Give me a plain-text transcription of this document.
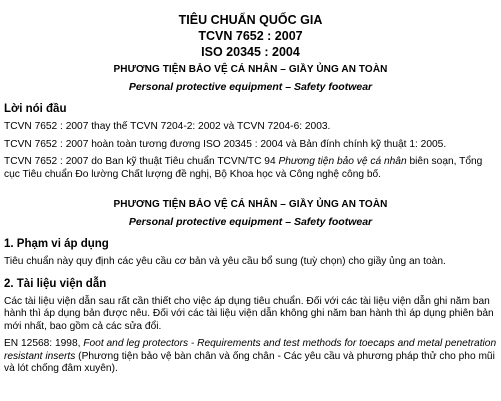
TIÊU CHUẨN QUỐC GIA
TCVN 7652 : 2007
ISO 20345 : 2004
PHƯƠNG TIỆN BẢO VỆ CÁ NHÂN – GIẦY ỦNG AN TOÀN
Personal protective equipment – Safety footwear
Lời nói đầu
TCVN 7652 : 2007 thay thế TCVN 7204-2: 2002 và TCVN 7204-6: 2003.
TCVN 7652 : 2007 hoàn toàn tương đương ISO 20345 : 2004 và Bản đính chính kỹ thuật 1: 2005.
TCVN 7652 : 2007 do Ban kỹ thuật Tiêu chuẩn TCVN/TC 94 Phương tiện bảo vệ cá nhân biên soạn, Tổng cục Tiêu chuẩn Đo lường Chất lượng đề nghị, Bộ Khoa học và Công nghệ công bố.
PHƯƠNG TIỆN BẢO VỆ CÁ NHÂN – GIẦY ỦNG AN TOÀN
Personal protective equipment – Safety footwear
1. Phạm vi áp dụng
Tiêu chuẩn này quy định các yêu cầu cơ bản và yêu cầu bổ sung (tuỳ chọn) cho giầy ủng an toàn.
2. Tài liệu viện dẫn
Các tài liệu viện dẫn sau rất cần thiết cho việc áp dụng tiêu chuẩn. Đối với các tài liệu viện dẫn ghi năm ban hành thì áp dụng bản được nêu. Đối với các tài liệu viện dẫn không ghi năm ban hành thì áp dụng phiên bản mới nhất, bao gồm cả các sửa đổi.
EN 12568: 1998, Foot and leg protectors - Requirements and test methods for toecaps and metal penetration resistant inserts (Phương tiện bảo vệ bàn chân và ống chân - Các yêu cầu và phương pháp thử cho pho mũi và lót chống đâm xuyên).
